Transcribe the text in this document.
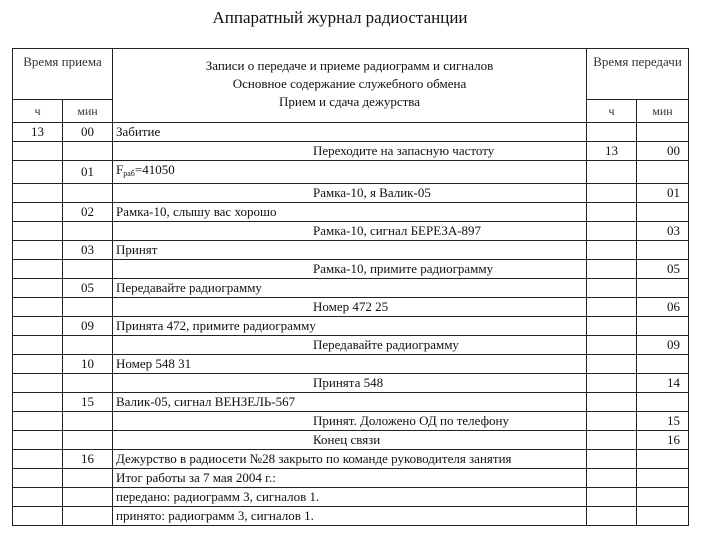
Аппаратный журнал радиостанции
Время приема		Записи о передаче и приеме радиограмм и сигналов
Основное содержание служебного обмена
Прием и сдача дежурства	Время передачи	
ч	мин		ч	мин
13	00	Забитие		
		Переходите на запасную частоту	13	00
	01	Fраб=41050		
		Рамка-10, я Валик-05		01
	02	Рамка-10, слышу вас хорошо		
		Рамка-10, сигнал БЕРЕЗА-897		03
	03	Принят		
		Рамка-10, примите радиограмму		05
	05	Передавайте радиограмму		
		Номер 472 25		06
	09	Принята 472, примите радиограмму		
		Передавайте радиограмму		09
	10	Номер 548 31		
		Принята 548		14
	15	Валик-05, сигнал ВЕНЗЕЛЬ-567		
		Принят. Доложено ОД по телефону		15
		Конец связи		16
	16	Дежурство в радиосети №28 закрыто по команде руководителя занятия		
		Итог работы за 7 мая 2004 г.:		
		передано: радиограмм 3, сигналов 1.		
		принято: радиограмм 3, сигналов 1.		
